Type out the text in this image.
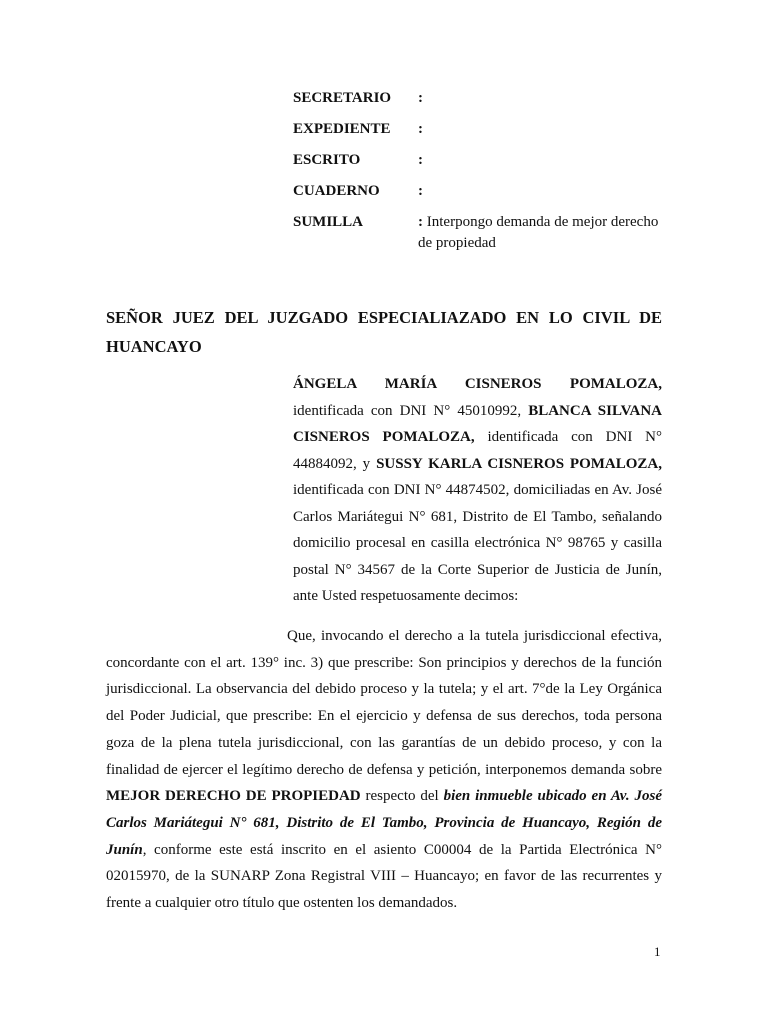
SECRETARIO	:
EXPEDIENTE	:
ESCRITO	:
CUADERNO	:
SUMILLA	: Interpongo demanda de mejor derecho de propiedad
SEÑOR JUEZ DEL JUZGADO ESPECIALIAZADO EN LO CIVIL DE HUANCAYO
ÁNGELA MARÍA CISNEROS POMALOZA, identificada con DNI N° 45010992, BLANCA SILVANA CISNEROS POMALOZA, identificada con DNI N° 44884092, y SUSSY KARLA CISNEROS POMALOZA, identificada con DNI N° 44874502, domiciliadas en Av. José Carlos Mariátegui N° 681, Distrito de El Tambo, señalando domicilio procesal en casilla electrónica N° 98765 y casilla postal N° 34567 de la Corte Superior de Justicia de Junín, ante Usted respetuosamente decimos:
Que, invocando el derecho a la tutela jurisdiccional efectiva, concordante con el art. 139° inc. 3) que prescribe: Son principios y derechos de la función jurisdiccional. La observancia del debido proceso y la tutela; y el art. 7°de la Ley Orgánica del Poder Judicial, que prescribe: En el ejercicio y defensa de sus derechos, toda persona goza de la plena tutela jurisdiccional, con las garantías de un debido proceso, y con la finalidad de ejercer el legítimo derecho de defensa y petición, interponemos demanda sobre MEJOR DERECHO DE PROPIEDAD respecto del bien inmueble ubicado en Av. José Carlos Mariátegui N° 681, Distrito de El Tambo, Provincia de Huancayo, Región de Junín, conforme este está inscrito en el asiento C00004 de la Partida Electrónica N° 02015970, de la SUNARP Zona Registral VIII – Huancayo; en favor de las recurrentes y frente a cualquier otro título que ostenten los demandados.
1
